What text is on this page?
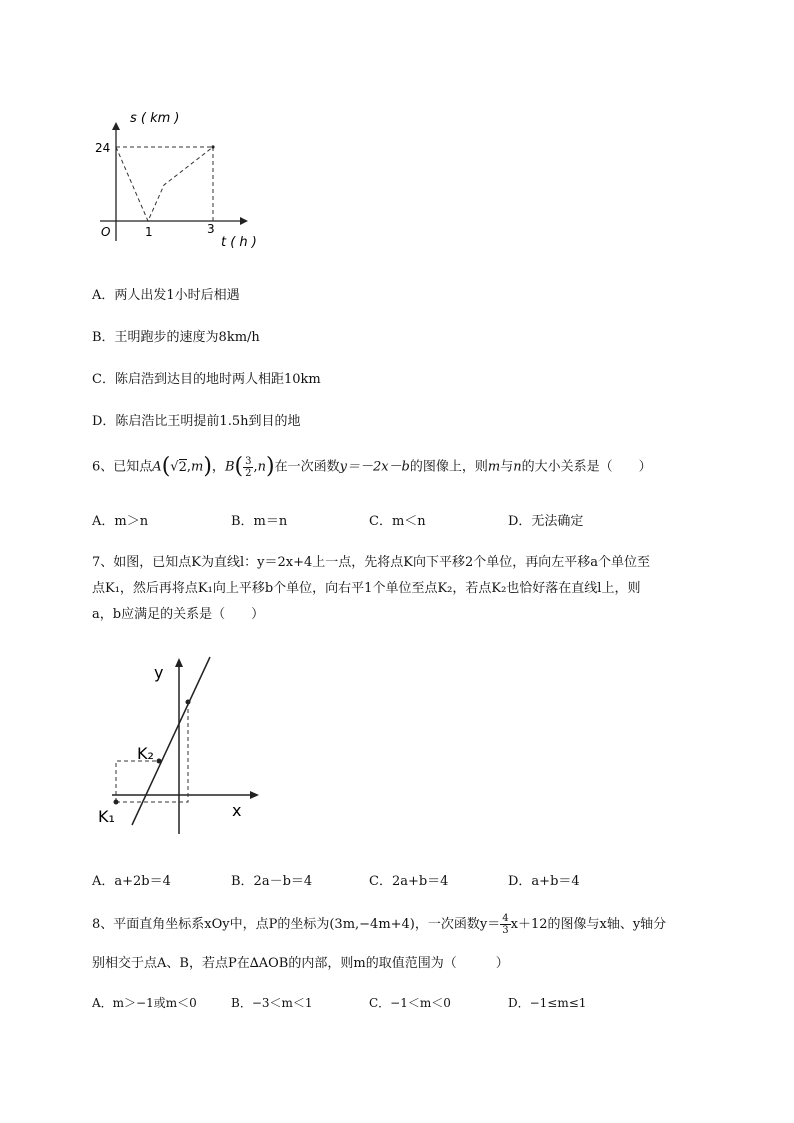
s ( km )
24
O	1	3
t ( h )
A．两人出发1小时后相遇
B．王明跑步的速度为8km/h
C．陈启浩到达目的地时两人相距10km
D．陈启浩比王明提前1.5h到目的地
6、已知点A(√2,m)，$B( \frac{3}{2} ,n)$在一次函数y＝－2x－b的图像上，则m与n的大小关系是（　　）
A．m＞n	B．m＝n	C．m＜n	D．无法确定
7、如图，已知点K为直线l：y＝2x+4上一点，先将点K向下平移2个单位，再向左平移a个单位至
点K₁，然后再将点K₁向上平移b个单位，向右平1个单位至点K₂，若点K₂也恰好落在直线l上，则
a，b应满足的关系是（　　）
y
x
K₂
K₁
A．a+2b＝4	B．2a－b＝4	C．2a+b＝4	D．a+b＝4
8、平面直角坐标系xOy中，点P的坐标为(3m,−4m+4)，一次函数$y= \frac{4}{3} x+12$的图像与x轴、y轴分
别相交于点A、B，若点P在∆AOB的内部，则m的取值范围为（　　　）
A．m＞−1或m＜0	B．−3＜m＜1	C．−1＜m＜0	D．−1≤m≤1
